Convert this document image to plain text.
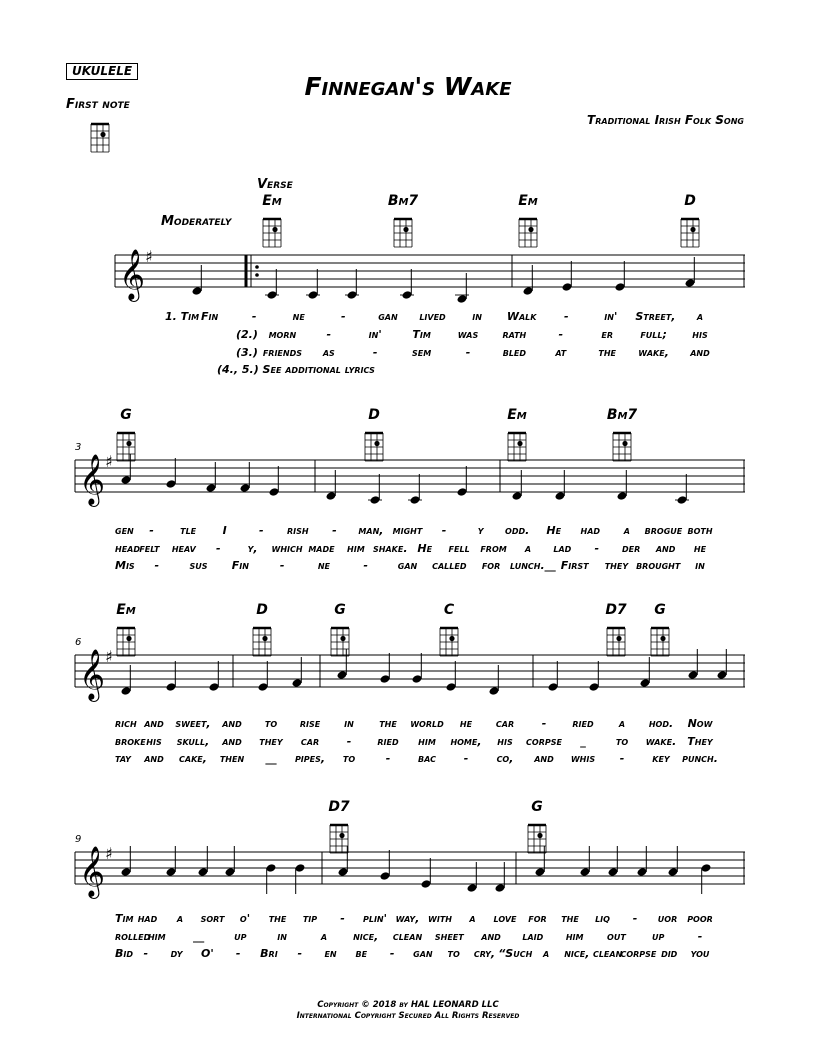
UKULELE
First note
Finnegan's Wake
Traditional Irish Folk Song
𝄞 ♯
Em	Bm7	Em	D
1. Tim Fin	-	ne	-	gan lived in Walk -	in' Street, a
(2.) morn	-	in'	Tim was rath	-	er full; his
(3.) friends as	-	sem	-	bled	at	the wake, and
(4., 5.) See additional lyrics
𝄞 ♯
3
G	D	Em	Bm7
gen - tle I	- rish - man, might -	y odd. He had a brogue both
head felt heav - y, which made him shake. He fell from a lad - der and he
Mis -	sus Fin	-	ne	-	gan called for lunch.__ First they brought in
𝄞 ♯
6
Em	D	G	C	D7 G
rich and sweet, and to rise in the world he car	- ried a hod. Now
broke his skull, and they car	- ried him home, his corpse _	to wake. They
tay and cake, then __ pipes, to	-	bac	-	co, and whis -	key punch.
𝄞 ♯
9
D7	G
Tim had a sort o' the tip - plin' way, with a love for the liq - uor poor
rolled
him __	up	in	a nice, clean sheet and laid him out up	-
Bid - dy O' - Bri - en be - gan to cry, “Such a nice, clean
corpse did you
Verse
Moderately
Copyright © 2018 by HAL LEONARD LLC
International Copyright Secured All Rights Reserved
